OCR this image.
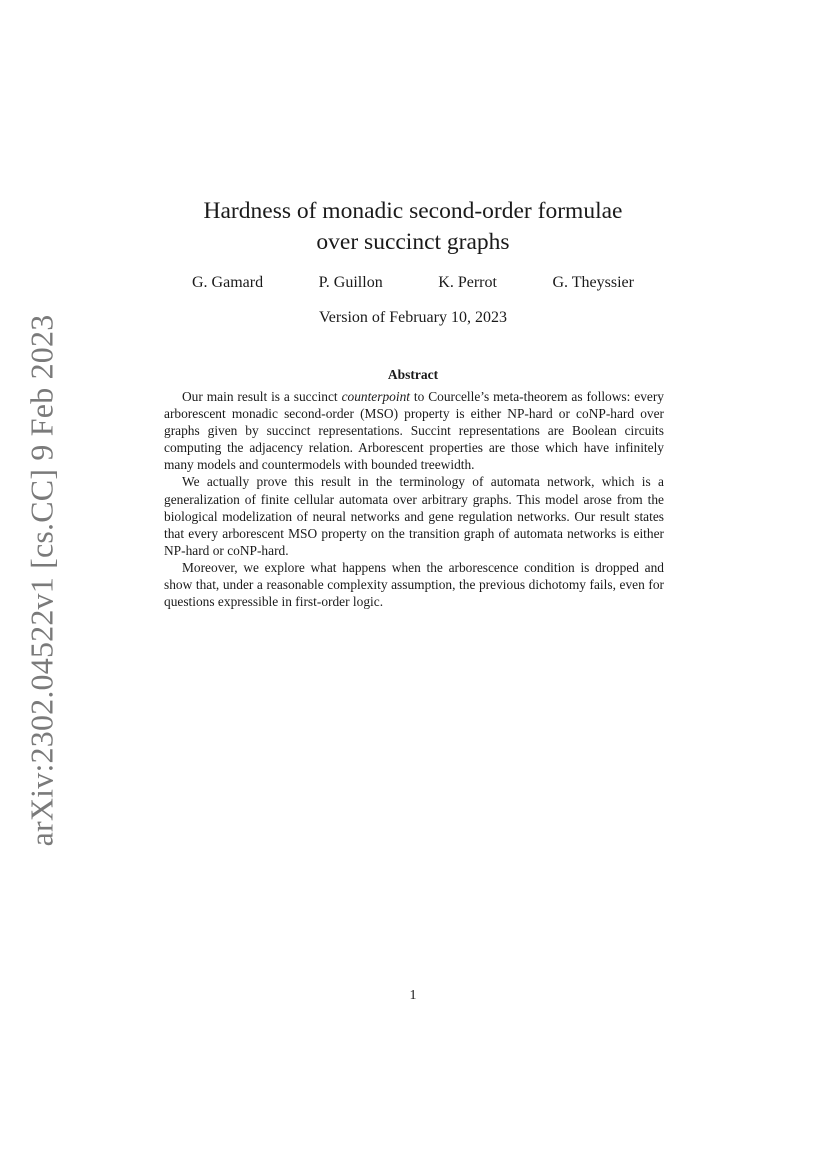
arXiv:2302.04522v1 [cs.CC] 9 Feb 2023
Hardness of monadic second-order formulae
over succinct graphs
G. Gamard	P. Guillon	K. Perrot	G. Theyssier
Version of February 10, 2023
Abstract

Our main result is a succinct counterpoint to Courcelle’s meta-theorem as follows: every arborescent monadic second-order (MSO) property is either NP-hard or coNP-hard over graphs given by succinct representations. Succint representations are Boolean circuits computing the adjacency relation. Arborescent properties are those which have infinitely many models and countermodels with bounded treewidth.

We actually prove this result in the terminology of automata network, which is a generalization of finite cellular automata over arbitrary graphs. This model arose from the biological modelization of neural networks and gene regulation networks. Our result states that every arborescent MSO property on the transition graph of automata networks is either NP-hard or coNP-hard.

Moreover, we explore what happens when the arborescence condition is dropped and show that, under a reasonable complexity assumption, the previous dichotomy fails, even for questions expressible in first-order logic.

1
